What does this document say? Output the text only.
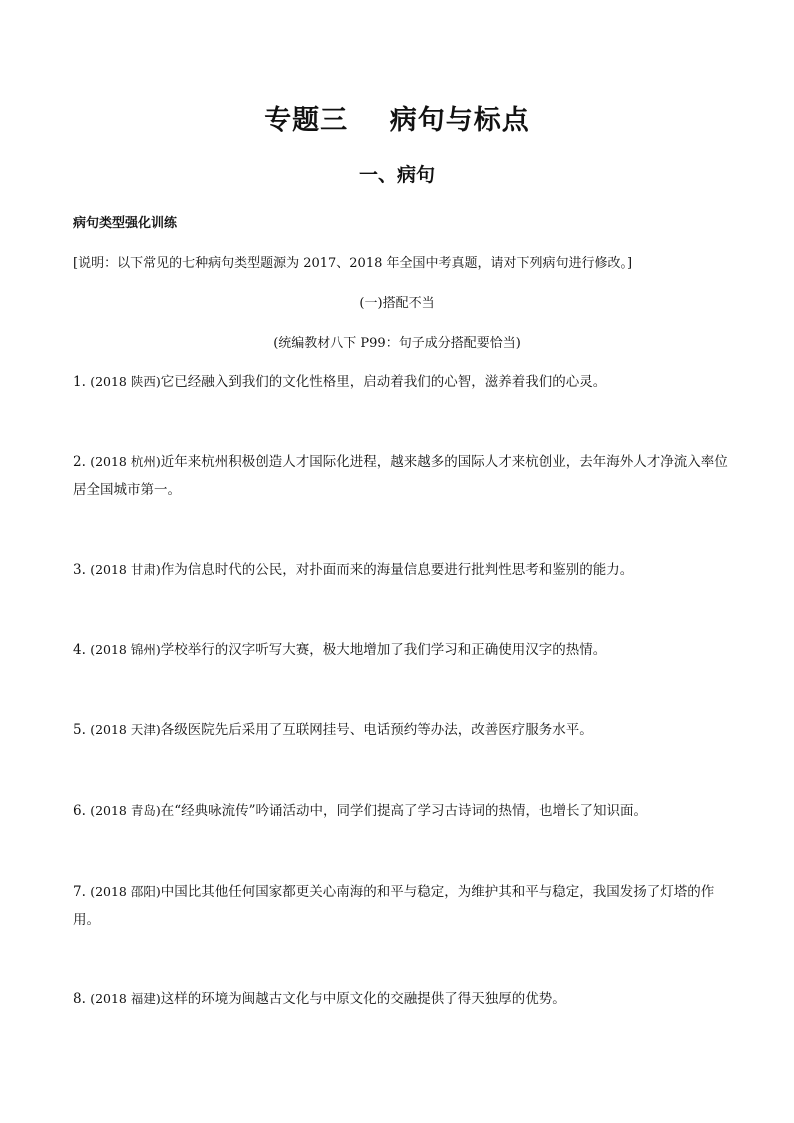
专题三    病句与标点
一、病句
病句类型强化训练
[说明：以下常见的七种病句类型题源为 2017、2018 年全国中考真题，请对下列病句进行修改。]
(一)搭配不当
(统编教材八下 P99：句子成分搭配要恰当)
1. (2018 陕西)它已经融入到我们的文化性格里，启动着我们的心智，滋养着我们的心灵。
2. (2018 杭州)近年来杭州积极创造人才国际化进程，越来越多的国际人才来杭创业，去年海外人才净流入率位居全国城市第一。
3. (2018 甘肃)作为信息时代的公民，对扑面而来的海量信息要进行批判性思考和鉴别的能力。
4. (2018 锦州)学校举行的汉字听写大赛，极大地增加了我们学习和正确使用汉字的热情。
5. (2018 天津)各级医院先后采用了互联网挂号、电话预约等办法，改善医疗服务水平。
6. (2018 青岛)在“经典咏流传”吟诵活动中，同学们提高了学习古诗词的热情，也增长了知识面。
7. (2018 邵阳)中国比其他任何国家都更关心南海的和平与稳定，为维护其和平与稳定，我国发扬了灯塔的作用。
8. (2018 福建)这样的环境为闽越古文化与中原文化的交融提供了得天独厚的优势。
